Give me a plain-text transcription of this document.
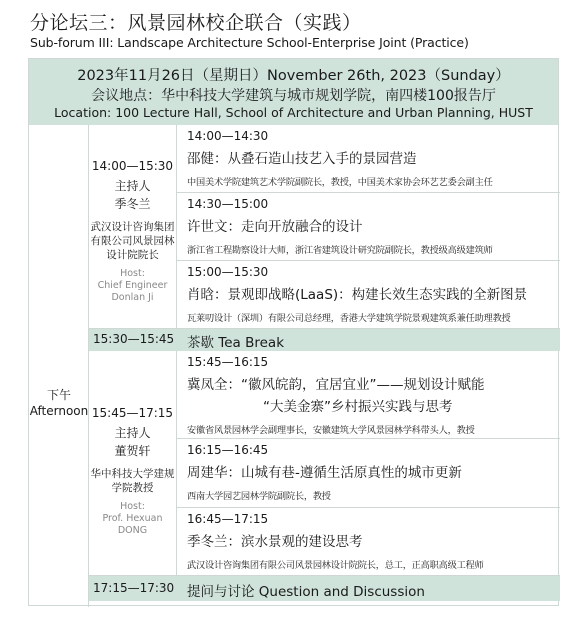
分论坛三：风景园林校企联合（实践）
Sub-forum III: Landscape Architecture School-Enterprise Joint (Practice)
2023年11月26日（星期日）November 26th, 2023（Sunday）
会议地点：华中科技大学建筑与城市规划学院，南四楼100报告厅
Location: 100 Lecture Hall, School of Architecture and Urban Planning, HUST
下午
Afternoon
14:00—15:30
主持人
季冬兰
武汉设计咨询集团有限公司风景园林设计院院长
Host:
Chief Engineer
Donlan Ji
14:00—14:30
邵健：从叠石造山技艺入手的景园营造
中国美术学院建筑艺术学院副院长，教授，中国美术家协会环艺艺委会副主任
14:30—15:00
许世文：走向开放融合的设计
浙江省工程勘察设计大师，浙江省建筑设计研究院副院长，教授级高级建筑师
15:00—15:30
肖晗：景观即战略(LaaS)：构建长效生态实践的全新图景
瓦莱叨设计（深圳）有限公司总经理，香港大学建筑学院景观建筑系兼任助理教授
15:30—15:45 茶歇 Tea Break
15:45—17:15
主持人
董贺轩
华中科技大学建规学院教授
Host:
Prof. Hexuan DONG
15:45—16:15
冀凤全：“徽风皖韵，宜居宜业”——规划设计赋能
“大美金寨”乡村振兴实践与思考
安徽省风景园林学会副理事长，安徽建筑大学风景园林学科带头人，教授
16:15—16:45
周建华：山城有巷-遵循生活原真性的城市更新
西南大学园艺园林学院副院长，教授
16:45—17:15
季冬兰：滨水景观的建设思考
武汉设计咨询集团有限公司风景园林设计院院长，总工，正高职高级工程师
17:15—17:30 提问与讨论 Question and Discussion
